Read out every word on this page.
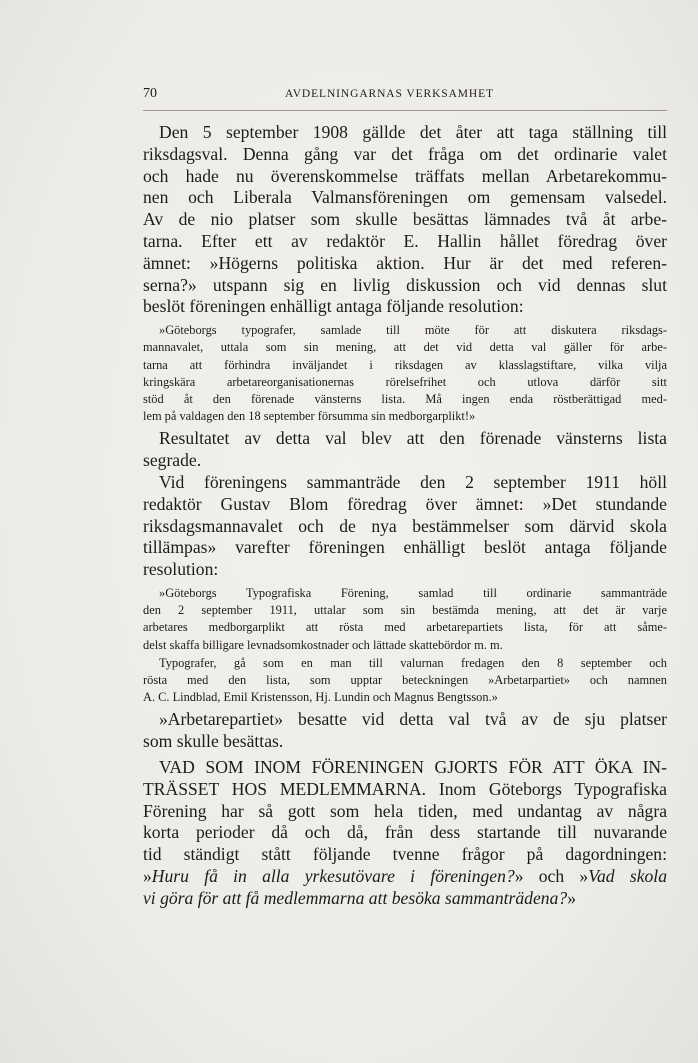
70	AVDELNINGARNAS VERKSAMHET
Den 5 september 1908 gällde det åter att taga ställning till
riksdagsval. Denna gång var det fråga om det ordinarie valet
och hade nu överenskommelse träffats mellan Arbetarekommu-
nen och Liberala Valmansföreningen om gemensam valsedel.
Av de nio platser som skulle besättas lämnades två åt arbe-
tarna. Efter ett av redaktör E. Hallin hållet föredrag över
ämnet: »Högerns politiska aktion. Hur är det med referen-
serna?» utspann sig en livlig diskussion och vid dennas slut
beslöt föreningen enhälligt antaga följande resolution:
»Göteborgs typografer, samlade till möte för att diskutera riksdags-
mannavalet, uttala som sin mening, att det vid detta val gäller för arbe-
tarna att förhindra inväljandet i riksdagen av klasslagstiftare, vilka vilja
kringskära arbetareorganisationernas rörelsefrihet och utlova därför sitt
stöd åt den förenade vänsterns lista. Må ingen enda röstberättigad med-
lem på valdagen den 18 september försumma sin medborgarplikt!»
Resultatet av detta val blev att den förenade vänsterns lista
segrade.
Vid föreningens sammanträde den 2 september 1911 höll
redaktör Gustav Blom föredrag över ämnet: »Det stundande
riksdagsmannavalet och de nya bestämmelser som därvid skola
tillämpas» varefter föreningen enhälligt beslöt antaga följande
resolution:
»Göteborgs Typografiska Förening, samlad till ordinarie sammanträde
den 2 september 1911, uttalar som sin bestämda mening, att det är varje
arbetares medborgarplikt att rösta med arbetarepartiets lista, för att såme-
delst skaffa billigare levnadsomkostnader och lättade skattebördor m. m.
Typografer, gå som en man till valurnan fredagen den 8 september och
rösta med den lista, som upptar beteckningen »Arbetarpartiet» och namnen
A. C. Lindblad, Emil Kristensson, Hj. Lundin och Magnus Bengtsson.»
»Arbetarepartiet» besatte vid detta val två av de sju platser
som skulle besättas.
VAD SOM INOM FÖRENINGEN GJORTS FÖR ATT ÖKA IN-
TRÄSSET HOS MEDLEMMARNA. Inom Göteborgs Typografiska
Förening har så gott som hela tiden, med undantag av några
korta perioder då och då, från dess startande till nuvarande
tid ständigt stått följande tvenne frågor på dagordningen:
»Huru få in alla yrkesutövare i föreningen?» och »Vad skola
vi göra för att få medlemmarna att besöka sammanträdena?»
